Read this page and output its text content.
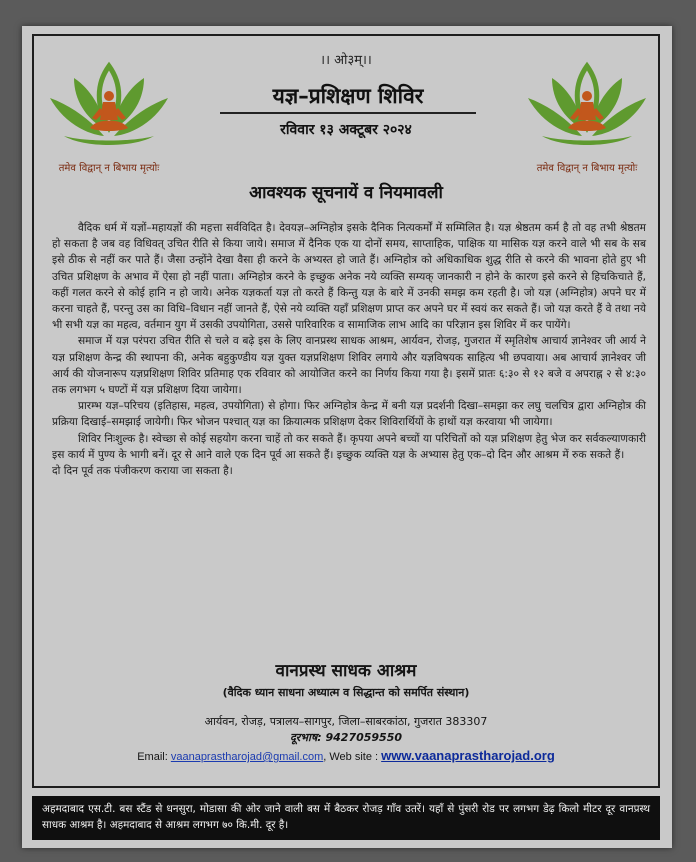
।। ओ३म्।।
तमेव विद्वान् न बिभाय मृत्योः	तमेव विद्वान् न बिभाय मृत्योः
यज्ञ–प्रशिक्षण शिविर
रविवार १३ अक्टूबर २०२४
आवश्यक सूचनायें व नियमावली

वैदिक धर्म में यज्ञों–महायज्ञों की महत्ता सर्वविदित है। देवयज्ञ–अग्निहोत्र इसके दैनिक नित्यकर्मों में सम्मिलित है। यज्ञ श्रेष्ठतम कर्म है तो वह तभी श्रेष्ठतम हो सकता है जब वह विधिवत् उचित रीति से किया जाये। समाज में दैनिक एक या दोनों समय, साप्ताहिक, पाक्षिक या मासिक यज्ञ करने वाले भी सब के सब इसे ठीक से नहीं कर पाते हैं। जैसा उन्होंने देखा वैसा ही करने के अभ्यस्त हो जाते हैं। अग्निहोत्र को अधिकाधिक शुद्ध रीति से करने की भावना होते हुए भी उचित प्रशिक्षण के अभाव में ऐसा हो नहीं पाता। अग्निहोत्र करने के इच्छुक अनेक नये व्यक्ति सम्यक् जानकारी न होने के कारण इसे करने से हिचकिचाते हैं, कहीं गलत करने से कोई हानि न हो जाये। अनेक यज्ञकर्ता यज्ञ तो करते हैं किन्तु यज्ञ के बारे में उनकी समझ कम रहती है। जो यज्ञ (अग्निहोत्र) अपने घर में करना चाहते हैं, परन्तु उस का विधि–विधान नहीं जानते हैं, ऐसे नये व्यक्ति यहाँ प्रशिक्षण प्राप्त कर अपने घर में स्वयं कर सकते हैं। जो यज्ञ करते हैं वे तथा नये भी सभी यज्ञ का महत्व, वर्तमान युग में उसकी उपयोगिता, उससे पारिवारिक व सामाजिक लाभ आदि का परिज्ञान इस शिविर में कर पायेंगे।

समाज में यज्ञ परंपरा उचित रीति से चले व बढ़े इस के लिए वानप्रस्थ साधक आश्रम, आर्यवन, रोजड़, गुजरात में स्मृतिशेष आचार्य ज्ञानेश्वर जी आर्य ने यज्ञ प्रशिक्षण केन्द्र की स्थापना की, अनेक बहुकुण्डीय यज्ञ युक्त यज्ञप्रशिक्षण शिविर लगाये और यज्ञविषयक साहित्य भी छपवाया। अब आचार्य ज्ञानेश्वर जी आर्य की योजनारूप यज्ञप्रशिक्षण शिविर प्रतिमाह एक रविवार को आयोजित करने का निर्णय किया गया है। इसमें प्रातः ६:३० से १२ बजे व अपराह्न २ से ४:३० तक लगभग ५ घण्टों में यज्ञ प्रशिक्षण दिया जायेगा।

प्रारम्भ यज्ञ–परिचय (इतिहास, महत्व, उपयोगिता) से होगा। फिर अग्निहोत्र केन्द्र में बनी यज्ञ प्रदर्शनी दिखा–समझा कर लघु चलचित्र द्वारा अग्निहोत्र की प्रक्रिया दिखाई–समझाई जायेगी। फिर भोजन पश्चात् यज्ञ का क्रियात्मक प्रशिक्षण देकर शिविरार्थियों के हाथों यज्ञ करवाया भी जायेगा।

शिविर निःशुल्क है। स्वेच्छा से कोई सहयोग करना चाहें तो कर सकते हैं। कृपया अपने बच्चों या परिचितों को यज्ञ प्रशिक्षण हेतु भेज कर सर्वकल्याणकारी इस कार्य में पुण्य के भागी बनें। दूर से आने वाले एक दिन पूर्व आ सकते हैं। इच्छुक व्यक्ति यज्ञ के अभ्यास हेतु एक–दो दिन और आश्रम में रुक सकते हैं।

दो दिन पूर्व तक पंजीकरण कराया जा सकता है।

वानप्रस्थ साधक आश्रम
(वैदिक ध्यान साधना अध्यात्म व सिद्धान्त को समर्पित संस्थान)
आर्यवन, रोजड़, पत्रालय–सागपुर, जिला–साबरकांठा, गुजरात 383307
दूरभाष: 9427059550
Email: vaanaprastharojad@gmail.com, Web site : www.vaanaprastharojad.org
अहमदाबाद एस.टी. बस स्टैंड से धनसुरा, मोडासा की ओर जाने वाली बस में बैठकर रोजड़ गाँव उतरें। यहाँ से पुंसरी रोड पर लगभग डेढ़ किलो मीटर दूर वानप्रस्थ साधक आश्रम है। अहमदाबाद से आश्रम लगभग ७० कि.मी. दूर है।
